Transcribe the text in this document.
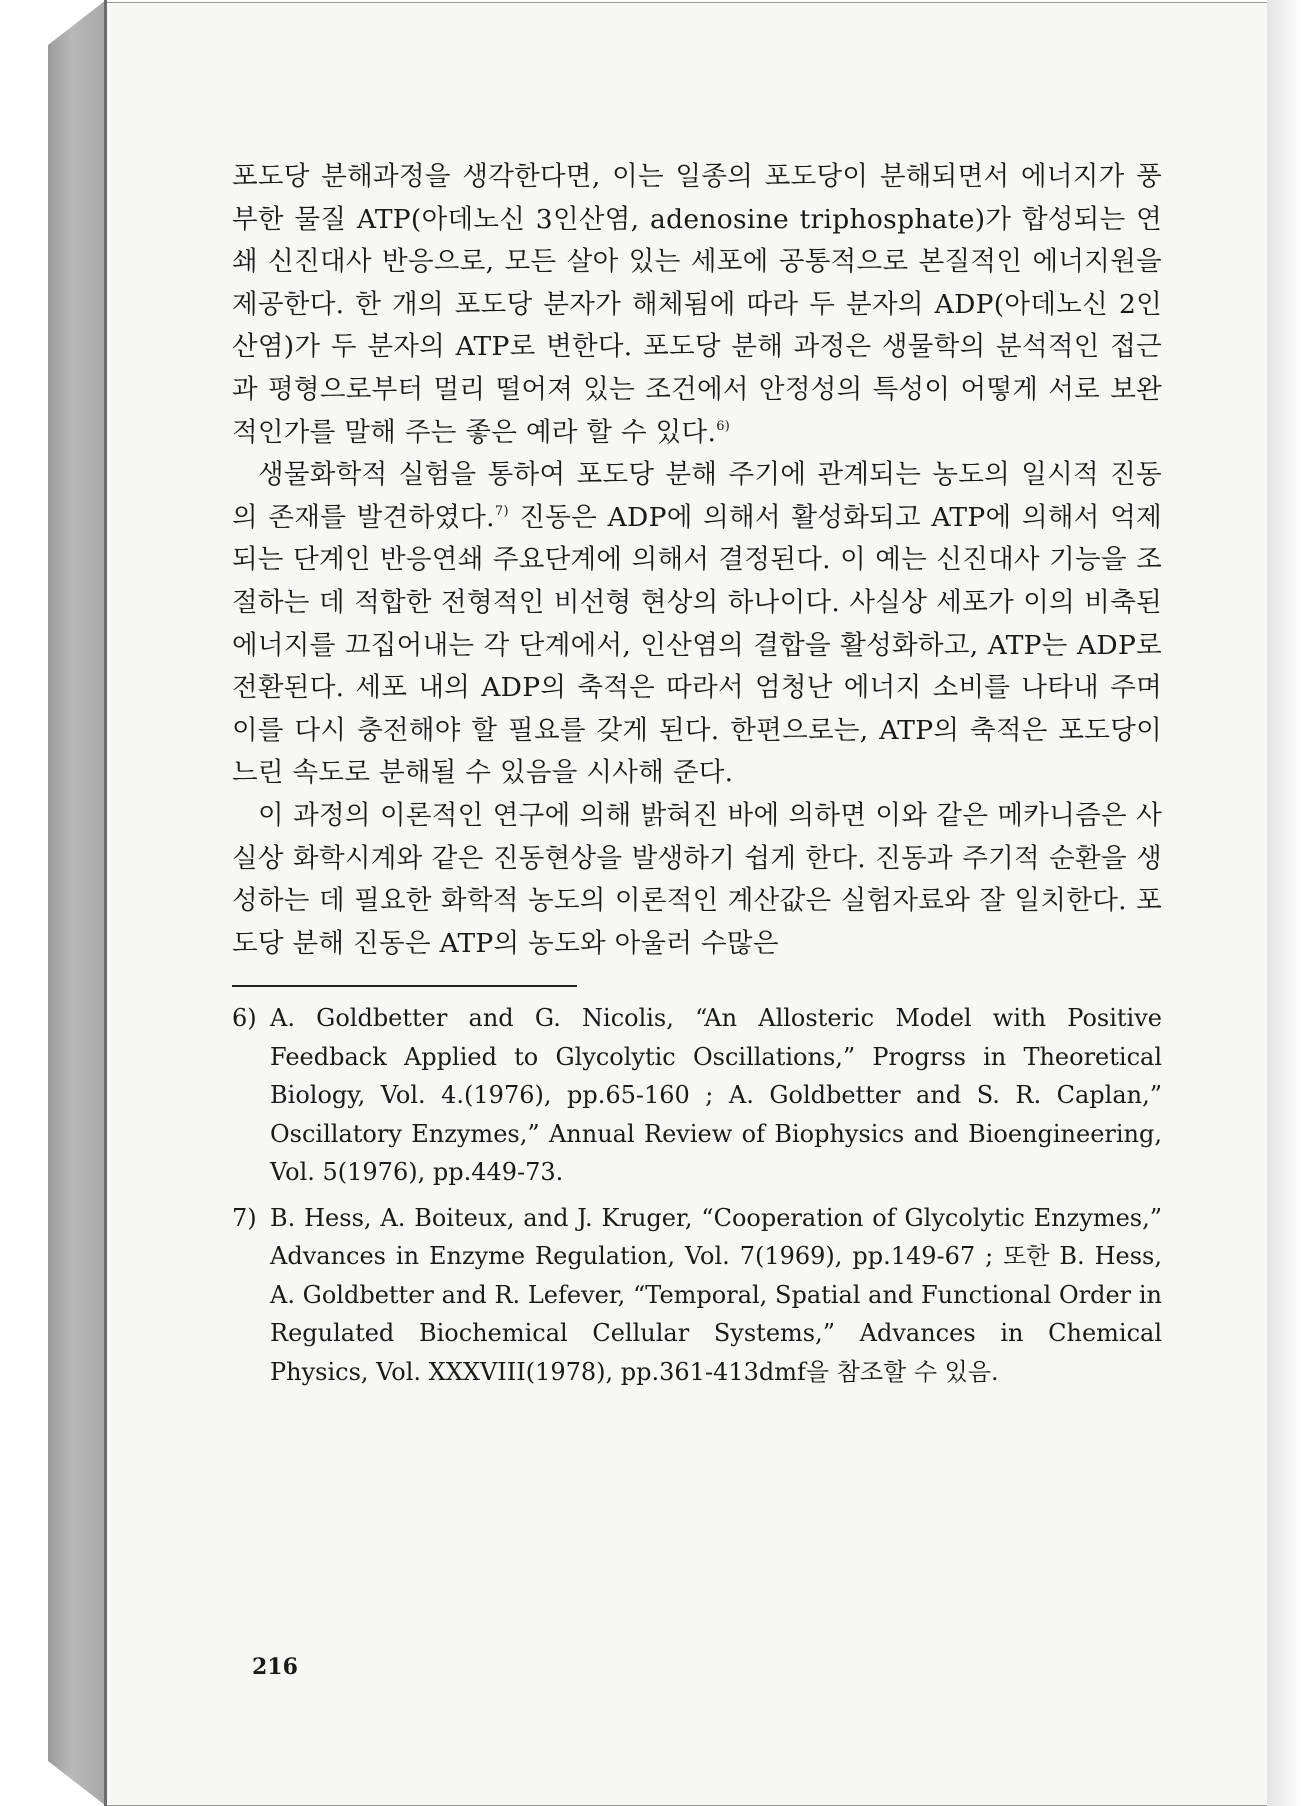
포도당 분해과정을 생각한다면, 이는 일종의 포도당이 분해되면서 에너지가 풍부한 물질 ATP(아데노신 3인산염, adenosine triphosphate)가 합성되는 연쇄 신진대사 반응으로, 모든 살아 있는 세포에 공통적으로 본질적인 에너지원을 제공한다. 한 개의 포도당 분자가 해체됨에 따라 두 분자의 ADP(아데노신 2인산염)가 두 분자의 ATP로 변한다. 포도당 분해 과정은 생물학의 분석적인 접근과 평형으로부터 멀리 떨어져 있는 조건에서 안정성의 특성이 어떻게 서로 보완적인가를 말해 주는 좋은 예라 할 수 있다.$^{6)}$

생물화학적 실험을 통하여 포도당 분해 주기에 관계되는 농도의 일시적 진동의 존재를 발견하였다.$^{7)}$ 진동은 ADP에 의해서 활성화되고 ATP에 의해서 억제되는 단계인 반응연쇄 주요단계에 의해서 결정된다. 이 예는 신진대사 기능을 조절하는 데 적합한 전형적인 비선형 현상의 하나이다. 사실상 세포가 이의 비축된 에너지를 끄집어내는 각 단계에서, 인산염의 결합을 활성화하고, ATP는 ADP로 전환된다. 세포 내의 ADP의 축적은 따라서 엄청난 에너지 소비를 나타내 주며 이를 다시 충전해야 할 필요를 갖게 된다. 한편으로는, ATP의 축적은 포도당이 느린 속도로 분해될 수 있음을 시사해 준다.

이 과정의 이론적인 연구에 의해 밝혀진 바에 의하면 이와 같은 메카니즘은 사실상 화학시계와 같은 진동현상을 발생하기 쉽게 한다. 진동과 주기적 순환을 생성하는 데 필요한 화학적 농도의 이론적인 계산값은 실험자료와 잘 일치한다. 포도당 분해 진동은 ATP의 농도와 아울러 수많은

6) A. Goldbetter and G. Nicolis, “An Allosteric Model with Positive Feedback Applied to Glycolytic Oscillations,” Progrss in Theoretical Biology, Vol. 4.(1976), pp.65-160 ; A. Goldbetter and S. R. Caplan,” Oscillatory Enzymes,” Annual Review of Biophysics and Bioengineering, Vol. 5(1976), pp.449-73.
7) B. Hess, A. Boiteux, and J. Kruger, “Cooperation of Glycolytic Enzymes,” Advances in Enzyme Regulation, Vol. 7(1969), pp.149-67 ; 또한 B. Hess, A. Goldbetter and R. Lefever, “Temporal, Spatial and Functional Order in Regulated Biochemical Cellular Systems,” Advances in Chemical Physics, Vol. XXXVIII(1978), pp.361-413dmf을 참조할 수 있음.
216
